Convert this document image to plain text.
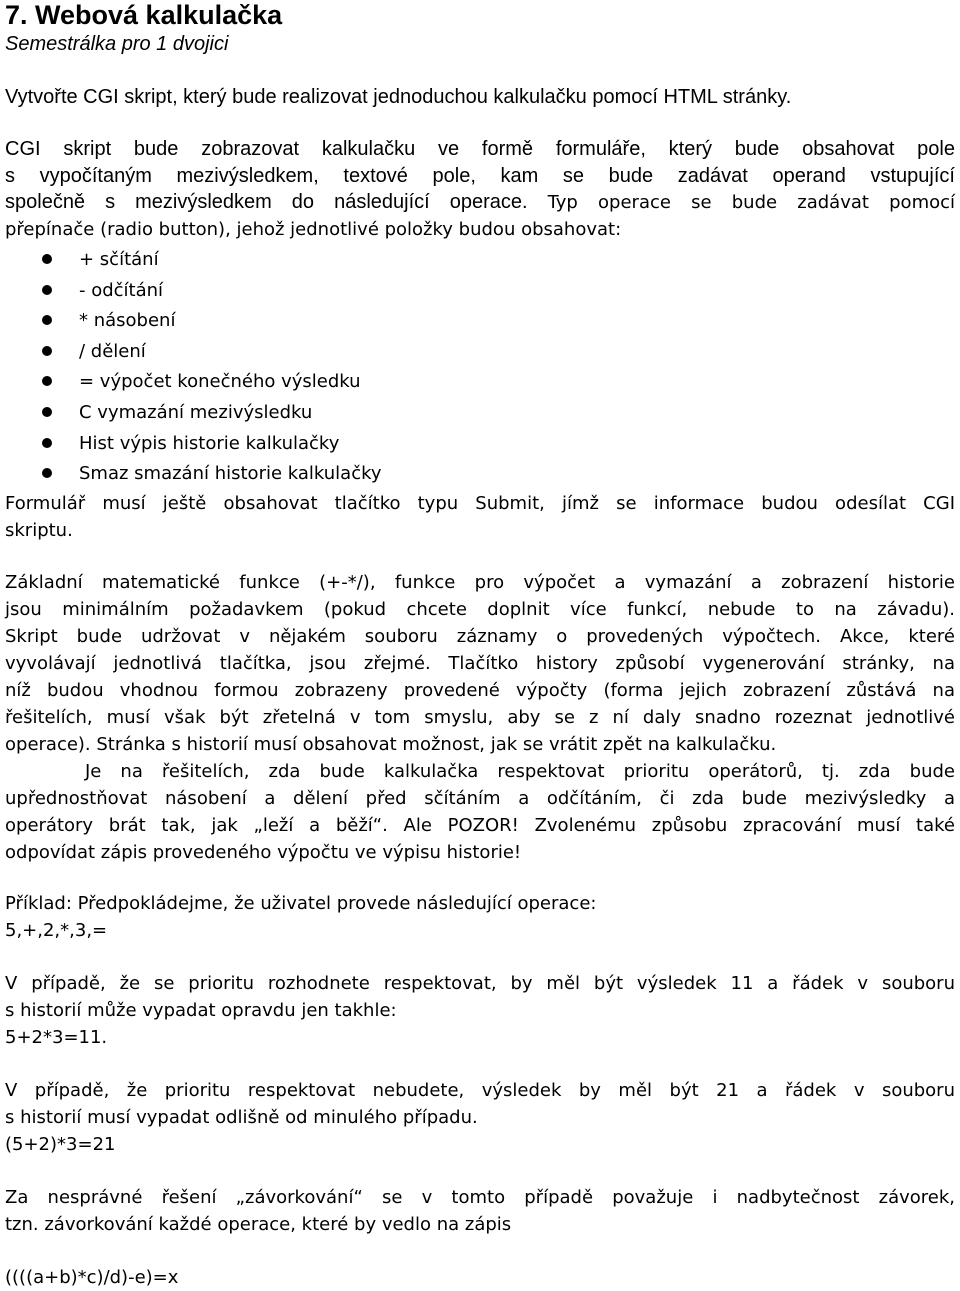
7. Webová kalkulačka
Semestrálka pro 1 dvojici
Vytvořte CGI skript, který bude realizovat jednoduchou kalkulačku pomocí HTML stránky.
CGI skript bude zobrazovat kalkulačku ve formě formuláře, který bude obsahovat pole
s vypočítaným mezivýsledkem, textové pole, kam se bude zadávat operand vstupující
společně s mezivýsledkem do následující operace. Typ operace se bude zadávat pomocí
přepínače (radio button), jehož jednotlivé položky budou obsahovat:
+ sčítání
- odčítání
* násobení
/ dělení
= výpočet konečného výsledku
C vymazání mezivýsledku
Hist výpis historie kalkulačky
Smaz smazání historie kalkulačky
Formulář musí ještě obsahovat tlačítko typu Submit, jímž se informace budou odesílat CGI
skriptu.
Základní matematické funkce (+-*/), funkce pro výpočet a vymazání a zobrazení historie
jsou minimálním požadavkem (pokud chcete doplnit více funkcí, nebude to na závadu).
Skript bude udržovat v nějakém souboru záznamy o provedených výpočtech. Akce, které
vyvolávají jednotlivá tlačítka, jsou zřejmé. Tlačítko history způsobí vygenerování stránky, na
níž budou vhodnou formou zobrazeny provedené výpočty (forma jejich zobrazení zůstává na
řešitelích, musí však být zřetelná v tom smyslu, aby se z ní daly snadno rozeznat jednotlivé
operace). Stránka s historií musí obsahovat možnost, jak se vrátit zpět na kalkulačku.
Je na řešitelích, zda bude kalkulačka respektovat prioritu operátorů, tj. zda bude
upřednostňovat násobení a dělení před sčítáním a odčítáním, či zda bude mezivýsledky a
operátory brát tak, jak „leží a běží“. Ale POZOR! Zvolenému způsobu zpracování musí také
odpovídat zápis provedeného výpočtu ve výpisu historie!
Příklad: Předpokládejme, že uživatel provede následující operace:
5,+,2,*,3,=
V případě, že se prioritu rozhodnete respektovat, by měl být výsledek 11 a řádek v souboru
s historií může vypadat opravdu jen takhle:
5+2*3=11.
V případě, že prioritu respektovat nebudete, výsledek by měl být 21 a řádek v souboru
s historií musí vypadat odlišně od minulého případu.
(5+2)*3=21
Za nesprávné řešení „závorkování“ se v tomto případě považuje i nadbytečnost závorek,
tzn. závorkování každé operace, které by vedlo na zápis
((((a+b)*c)/d)-e)=x
